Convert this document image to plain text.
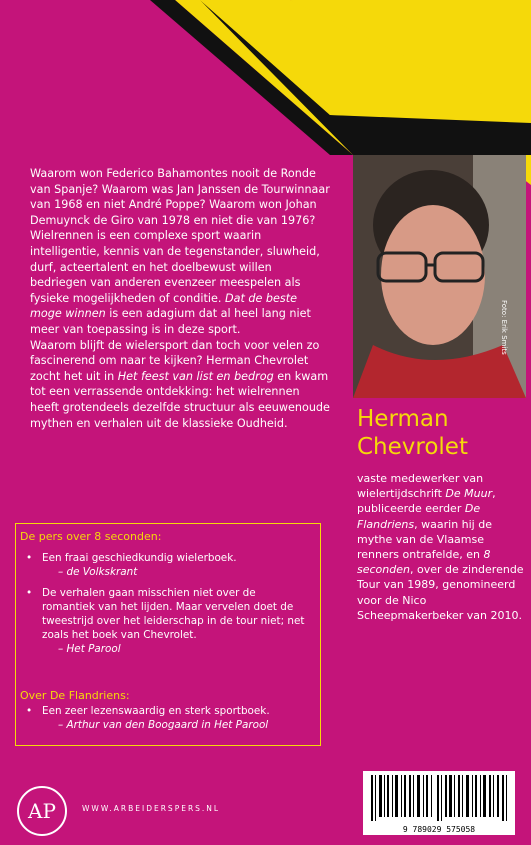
Waarom won Federico Bahamontes nooit de Ronde van Spanje? Waarom was Jan Janssen de Tourwinnaar van 1968 en niet André Poppe? Waarom won Johan Demuynck de Giro van 1978 en niet die van 1976?

Wielrennen is een complexe sport waarin intelligentie, kennis van de tegenstander, sluwheid, durf, acteertalent en het doelbewust willen bedriegen van anderen evenzeer meespelen als fysieke mogelijkheden of conditie. Dat de beste moge winnen is een adagium dat al heel lang niet meer van toepassing is in deze sport.

Waarom blijft de wielersport dan toch voor velen zo fascinerend om naar te kijken? Herman Chevrolet zocht het uit in Het feest van list en bedrog en kwam tot een verrassende ontdekking: het wielrennen heeft grotendeels dezelfde structuur als eeuwenoude mythen en verhalen uit de klassieke Oudheid.

Foto: Erik Smits
Herman
Chevrolet
vaste medewerker van wielertijdschrift De Muur, publiceerde eerder De Flandriens, waarin hij de mythe van de Vlaamse renners ontrafelde, en 8 seconden, over de zinderende Tour van 1989, genomineerd voor de Nico Scheepmakerbeker van 2010.
De pers over 8 seconden:
• Een fraai geschiedkundig wielerboek.
– de Volkskrant
• De verhalen gaan misschien niet over de romantiek van het lijden. Maar vervelen doet de tweestrijd over het leiderschap in de tour niet; net zoals het boek van Chevrolet.
– Het Parool
Over De Flandriens:
• Een zeer lezenswaardig en sterk sportboek.
– Arthur van den Boogaard in Het Parool
AP	WWW.ARBEIDERSPERS.NL
9 789029 575058
